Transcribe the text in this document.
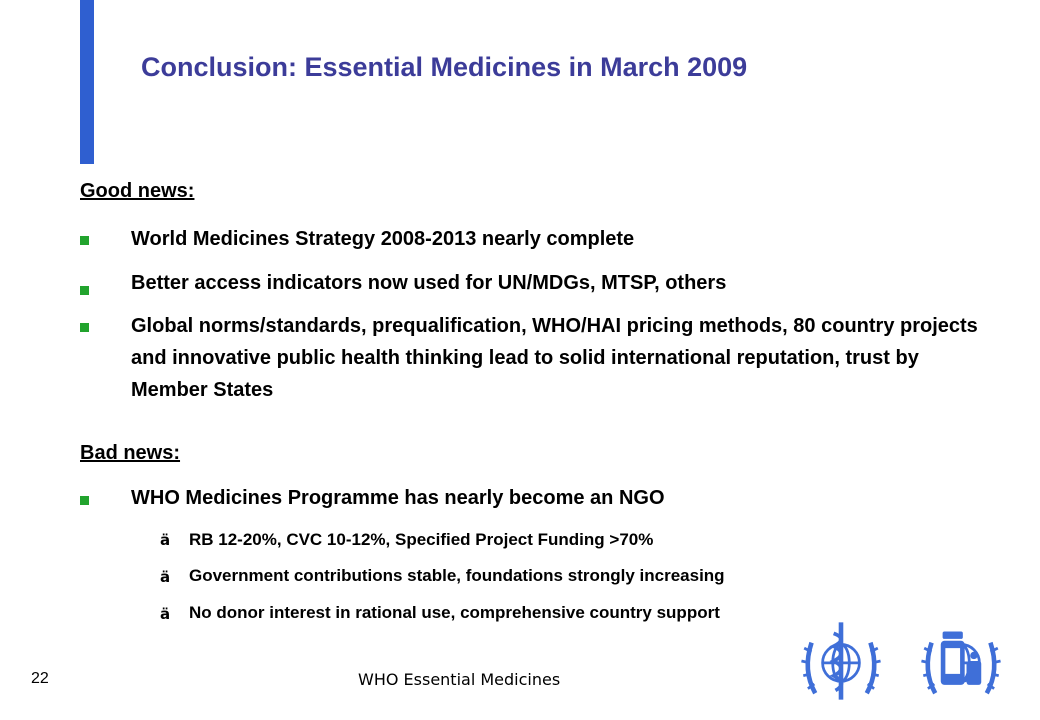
Conclusion: Essential Medicines in March 2009
Good news:
World Medicines Strategy 2008-2013 nearly complete
Better access indicators now used for UN/MDGs, MTSP, others
Global norms/standards, prequalification, WHO/HAI pricing methods, 80 country projects and innovative public health thinking lead to solid international reputation, trust by Member States
Bad news:
WHO Medicines Programme has nearly become an NGO
ä RB 12-20%, CVC 10-12%, Specified Project Funding >70%
ä Government contributions stable, foundations strongly increasing
ä No donor interest in rational use, comprehensive country support
22	WHO Essential Medicines
